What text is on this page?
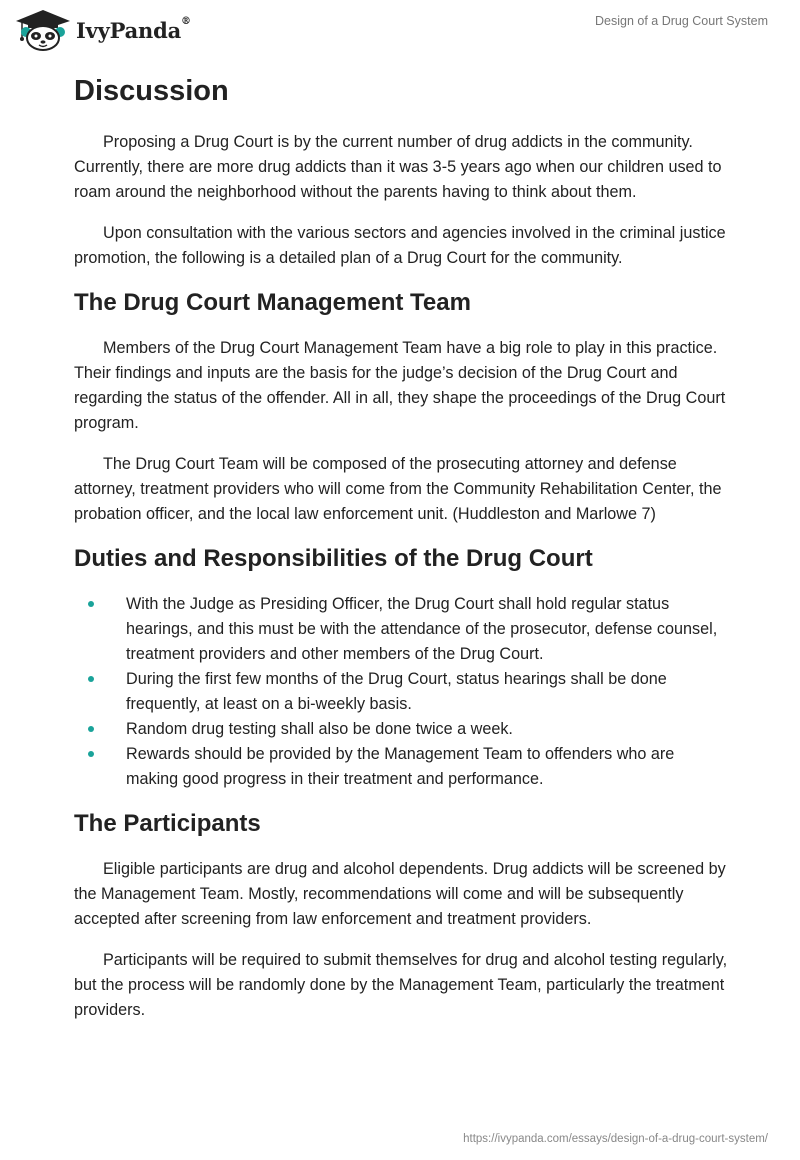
IvyPanda®	Design of a Drug Court System
Discussion

Proposing a Drug Court is by the current number of drug addicts in the community. Currently, there are more drug addicts than it was 3-5 years ago when our children used to roam around the neighborhood without the parents having to think about them.

Upon consultation with the various sectors and agencies involved in the criminal justice promotion, the following is a detailed plan of a Drug Court for the community.

The Drug Court Management Team

Members of the Drug Court Management Team have a big role to play in this practice. Their findings and inputs are the basis for the judge’s decision of the Drug Court and regarding the status of the offender. All in all, they shape the proceedings of the Drug Court program.

The Drug Court Team will be composed of the prosecuting attorney and defense attorney, treatment providers who will come from the Community Rehabilitation Center, the probation officer, and the local law enforcement unit. (Huddleston and Marlowe 7)

Duties and Responsibilities of the Drug Court
With the Judge as Presiding Officer, the Drug Court shall hold regular status hearings, and this must be with the attendance of the prosecutor, defense counsel, treatment providers and other members of the Drug Court.
During the first few months of the Drug Court, status hearings shall be done frequently, at least on a bi-weekly basis.
Random drug testing shall also be done twice a week.
Rewards should be provided by the Management Team to offenders who are making good progress in their treatment and performance.
The Participants

Eligible participants are drug and alcohol dependents. Drug addicts will be screened by the Management Team. Mostly, recommendations will come and will be subsequently accepted after screening from law enforcement and treatment providers.

Participants will be required to submit themselves for drug and alcohol testing regularly, but the process will be randomly done by the Management Team, particularly the treatment providers.

https://ivypanda.com/essays/design-of-a-drug-court-system/
